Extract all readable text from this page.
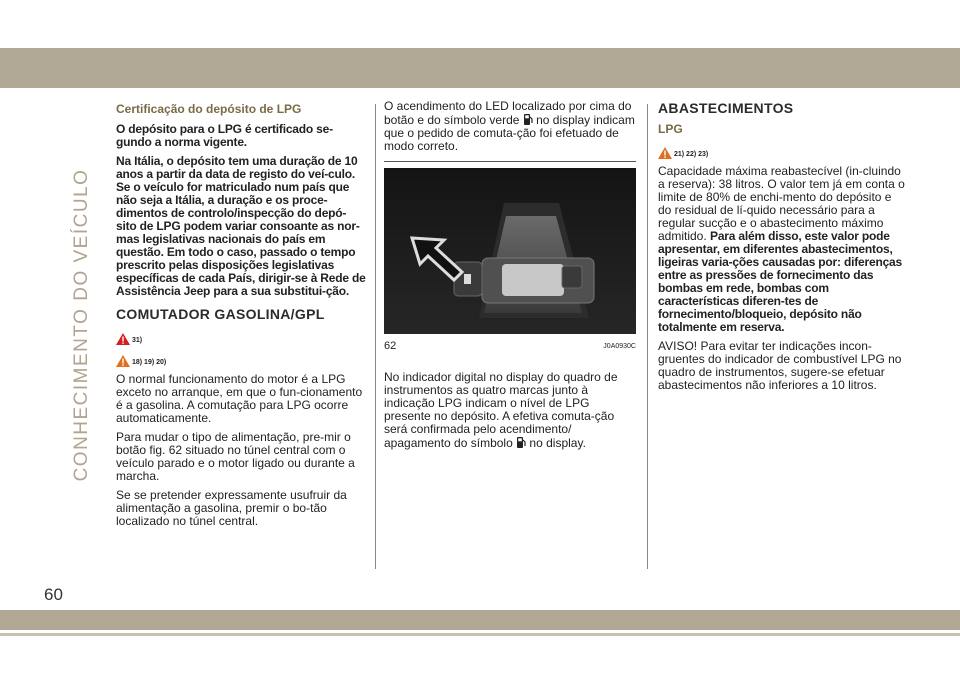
CONHECIMENTO DO VEÍCULO
Certificação do depósito de LPG

O depósito para o LPG é certificado se-gundo a norma vigente.

Na Itália, o depósito tem uma duração de 10 anos a partir da data de registo do veí-culo. Se o veículo for matriculado num país que não seja a Itália, a duração e os proce-dimentos de controlo/inspecção do depó-sito de LPG podem variar consoante as nor-mas legislativas nacionais do país em questão. Em todo o caso, passado o tempo prescrito pelas disposições legislativas específicas de cada País, dirigir-se à Rede de Assistência Jeep para a sua substitui-ção.

COMUTADOR GASOLINA/GPL
31)
18) 19) 20)

O normal funcionamento do motor é a LPG exceto no arranque, em que o fun-cionamento é a gasolina. A comutação para LPG ocorre automaticamente.

Para mudar o tipo de alimentação, pre-mir o botão fig. 62 situado no túnel central com o veículo parado e o motor ligado ou durante a marcha.

Se se pretender expressamente usufruir da alimentação a gasolina, premir o bo-tão localizado no túnel central.

O acendimento do LED localizado por cima do botão e do símbolo verde  no display indicam que o pedido de comuta-ção foi efetuado de modo correto.

62	J0A0930C

No indicador digital no display do quadro de instrumentos as quatro marcas junto à indicação LPG indicam o nível de LPG presente no depósito. A efetiva comuta-ção será confirmada pelo acendimento/ apagamento do símbolo  no display.

ABASTECIMENTOS
LPG
21) 22) 23)

Capacidade máxima reabastecível (in-cluindo a reserva): 38 litros. O valor tem já em conta o limite de 80% de enchi-mento do depósito e do residual de lí-quido necessário para a regular sucção e o abastecimento máximo admitido. Para além disso, este valor pode apresentar, em diferentes abastecimentos, ligeiras varia-ções causadas por: diferenças entre as pressões de fornecimento das bombas em rede, bombas com características diferen-tes de fornecimento/bloqueio, depósito não totalmente em reserva.

AVISO! Para evitar ter indicações incon-gruentes do indicador de combustível LPG no quadro de instrumentos, sugere-se efetuar abastecimentos não inferiores a 10 litros.

60
